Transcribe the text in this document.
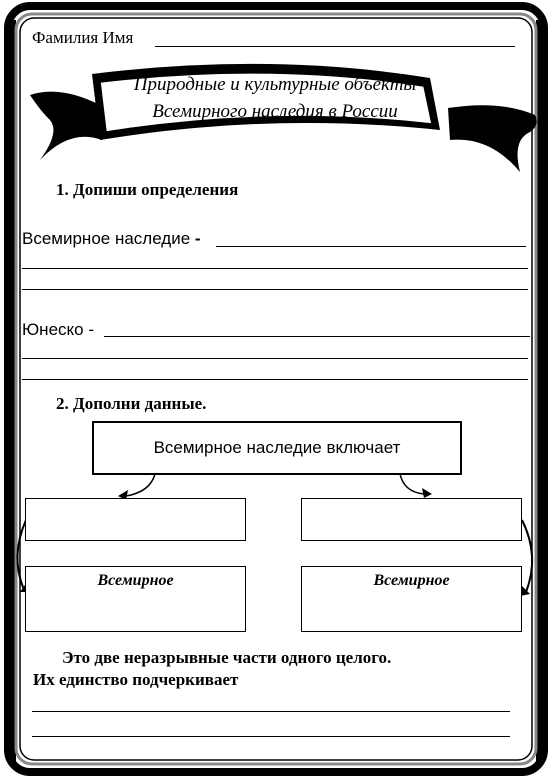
Фамилия Имя
Природные и культурные объекты
Всемирного наследия в России
1. Допиши определения
Всемирное наследие -
Юнеско -
2. Дополни данные.
Всемирное наследие включает
Всемирное	Всемирное
Это две неразрывные части одного целого.
Их единство подчеркивает
